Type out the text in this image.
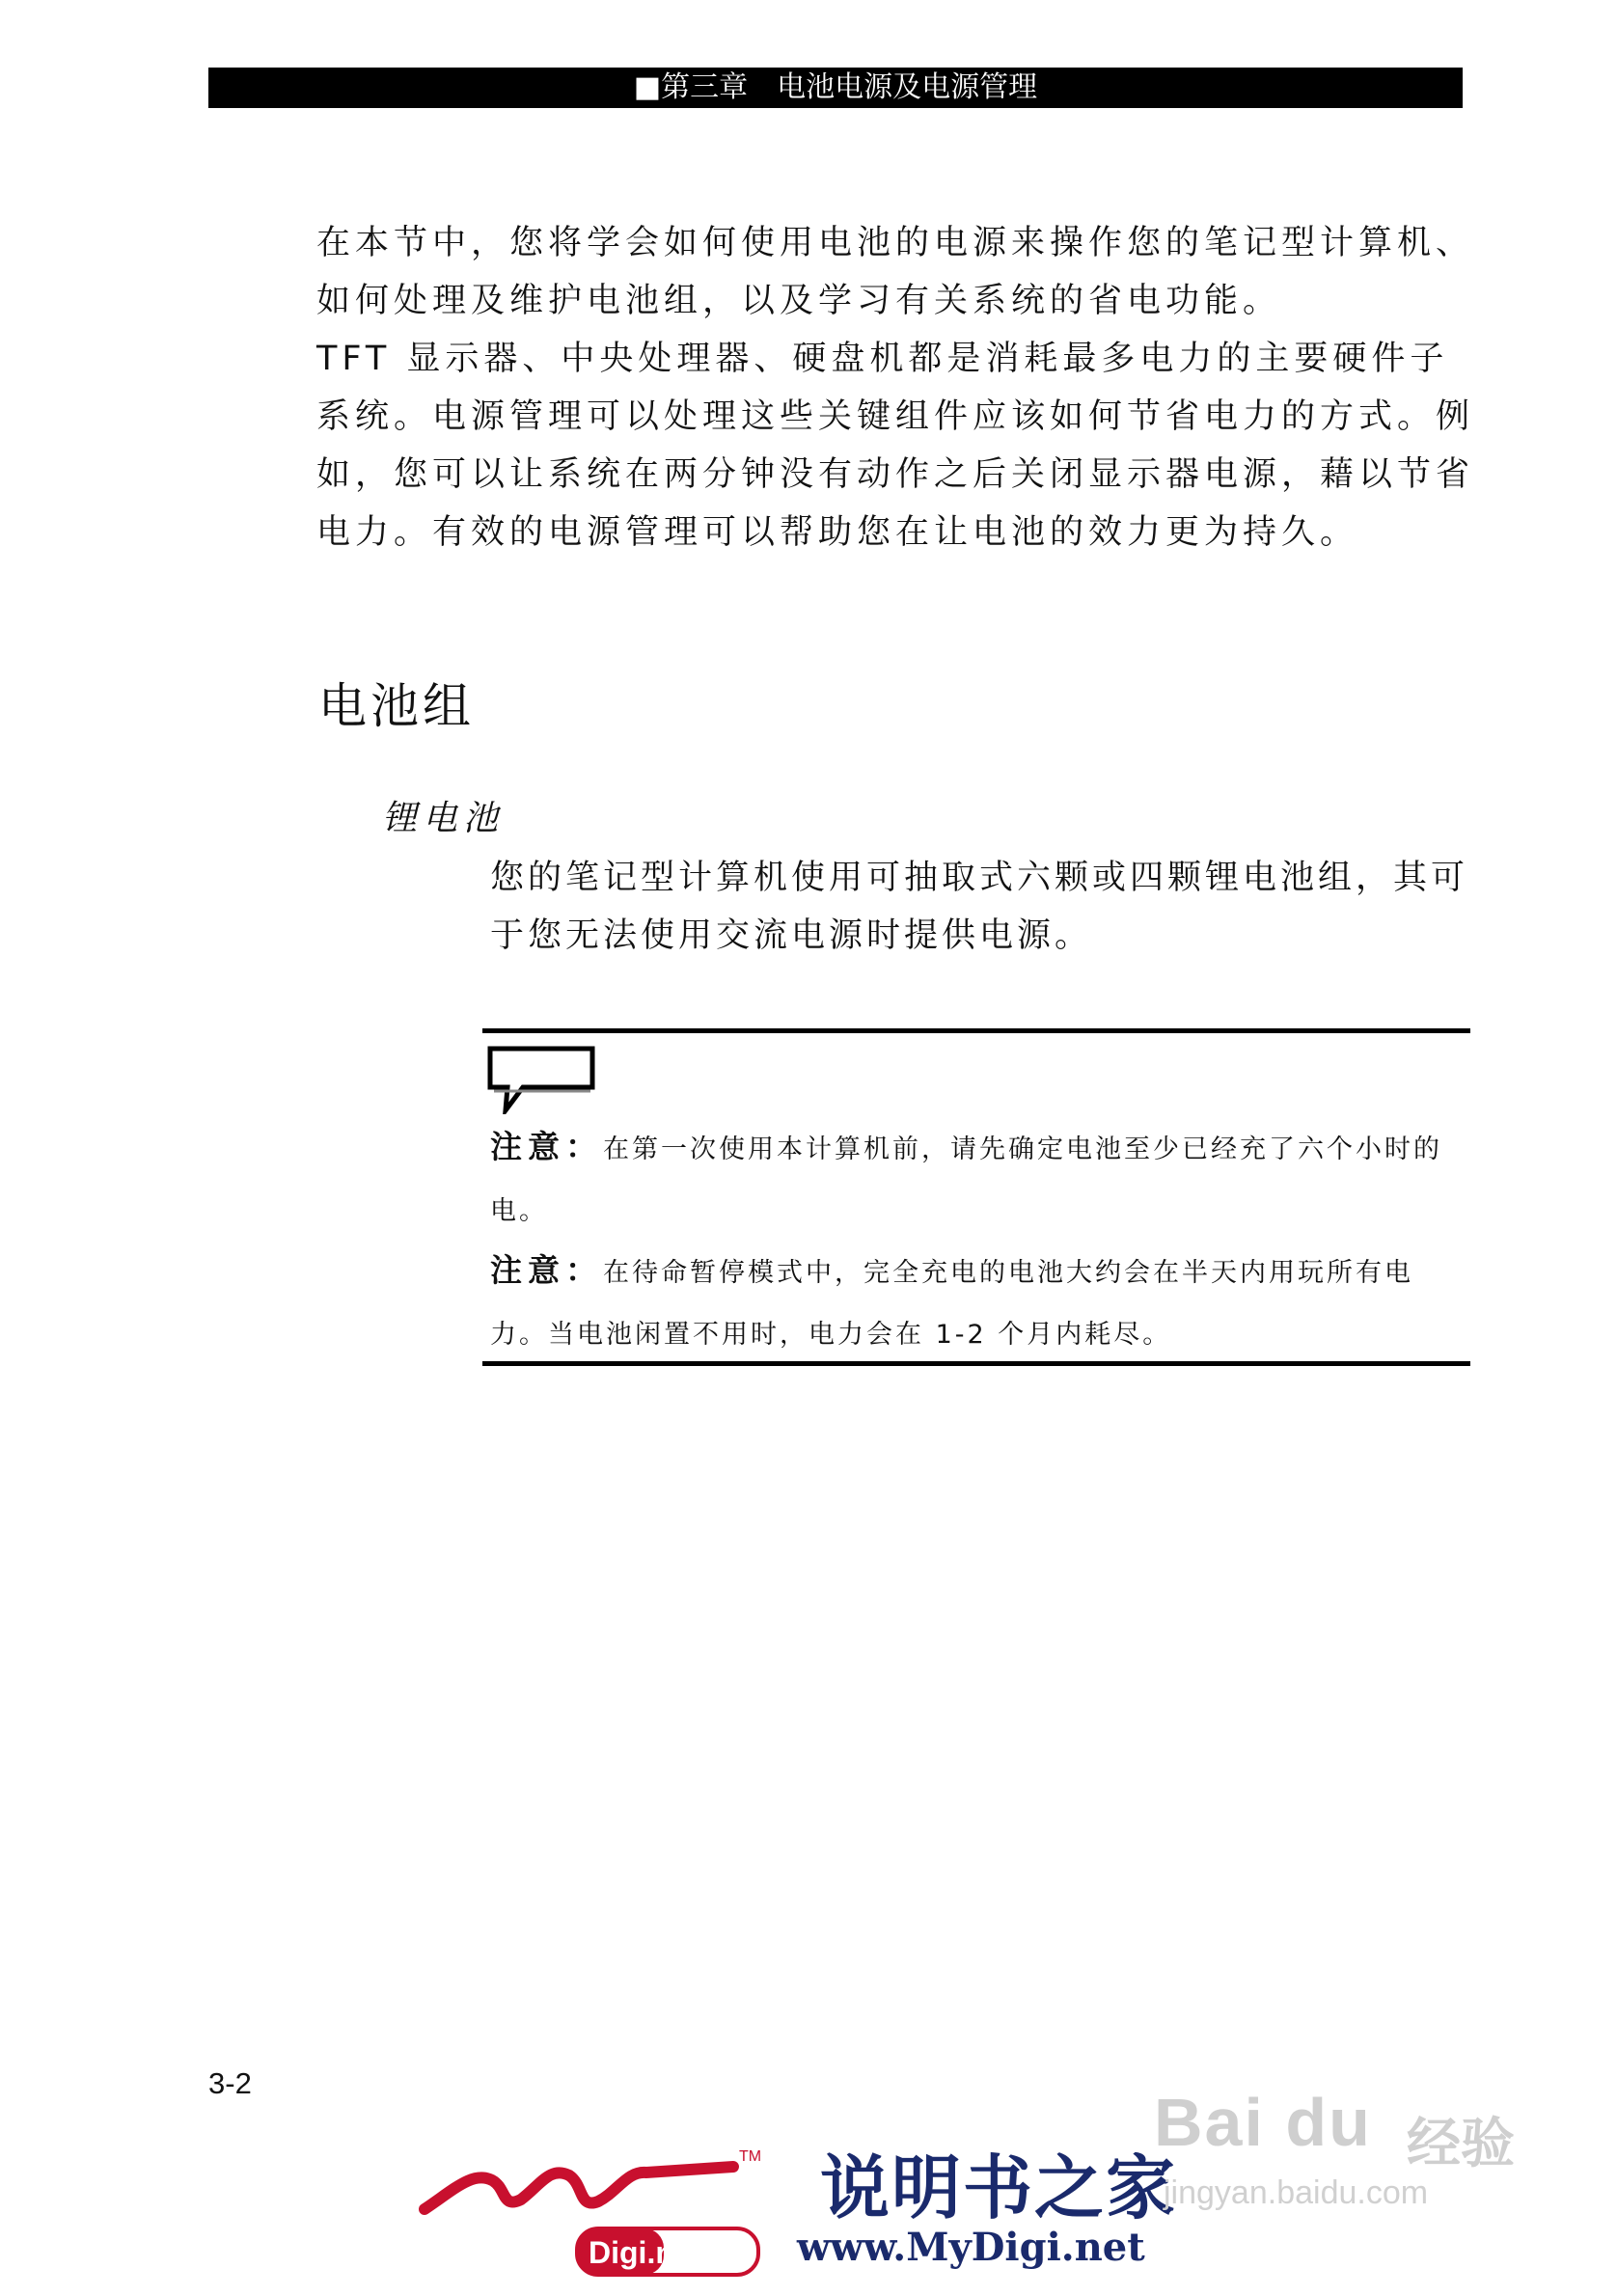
■第三章　电池电源及电源管理

在本节中，您将学会如何使用电池的电源来操作您的笔记型计算机、如何处理及维护电池组，以及学习有关系统的省电功能。

TFT 显示器、中央处理器、硬盘机都是消耗最多电力的主要硬件子系统。电源管理可以处理这些关键组件应该如何节省电力的方式。例如，您可以让系统在两分钟没有动作之后关闭显示器电源，藉以节省电力。有效的电源管理可以帮助您在让电池的效力更为持久。

电池组
锂电池

您的笔记型计算机使用可抽取式六颗或四颗锂电池组，其可于您无法使用交流电源时提供电源。

注意：在第一次使用本计算机前，请先确定电池至少已经充了六个小时的电。
注意：在待命暂停模式中，完全充电的电池大约会在半天内用玩所有电力。当电池闲置不用时，电力会在 1-2 个月内耗尽。
3-2
TM
Digi.net
说明书之家
www.MyDigi.net
Bai du 经验
jingyan.baidu.com
